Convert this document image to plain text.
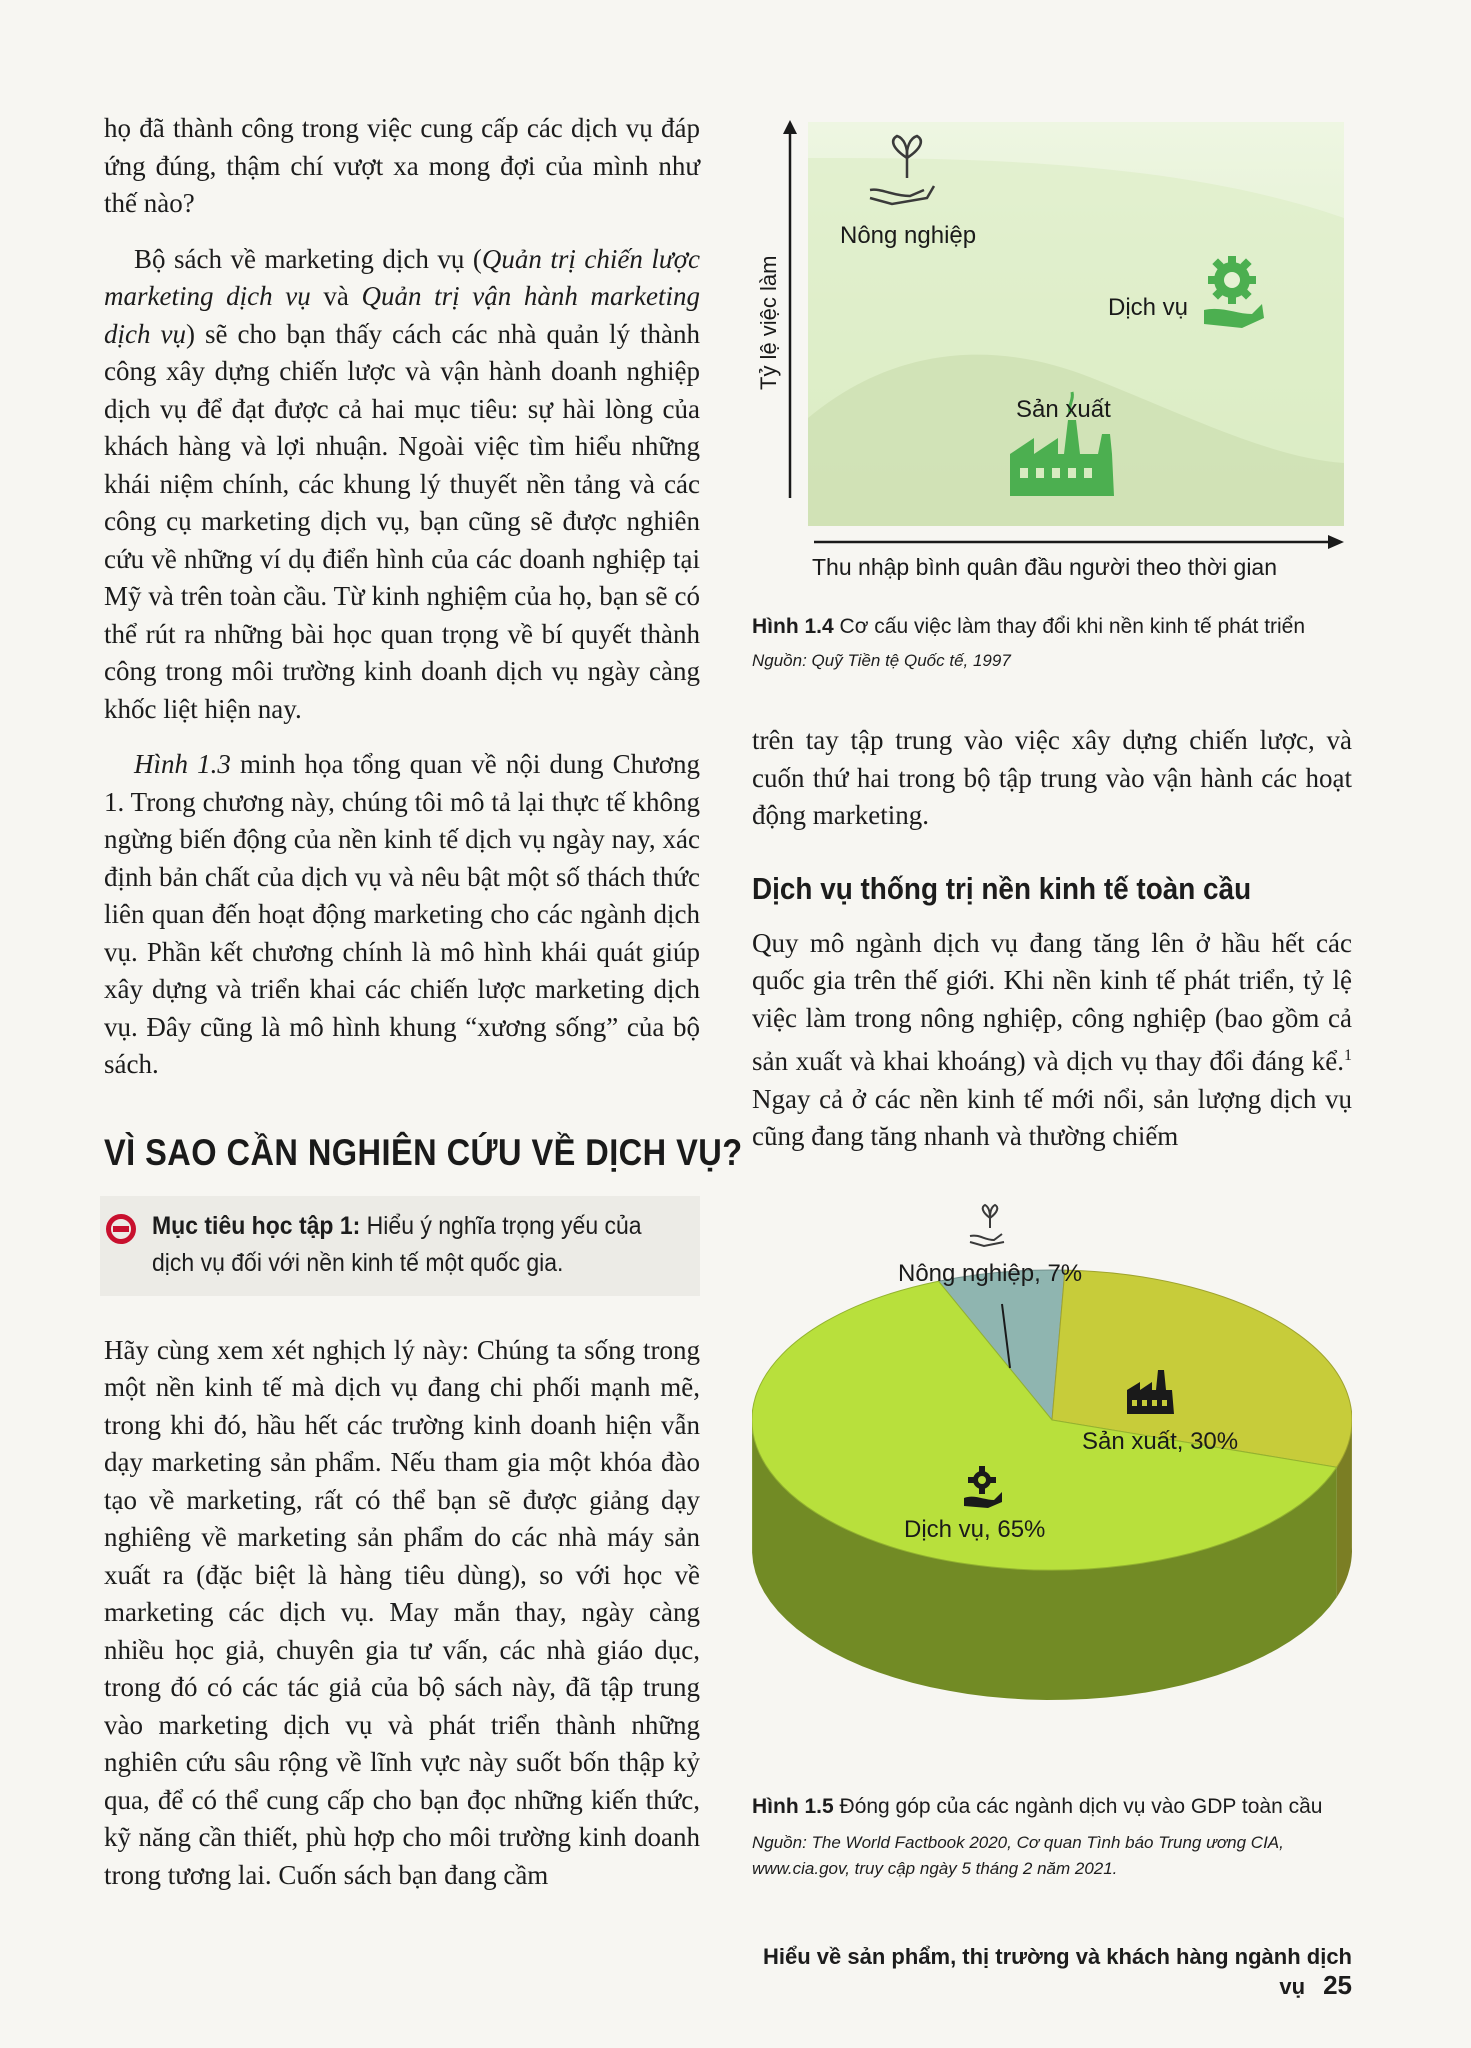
họ đã thành công trong việc cung cấp các dịch vụ đáp ứng đúng, thậm chí vượt xa mong đợi của mình như thế nào?

Bộ sách về marketing dịch vụ (Quản trị chiến lược marketing dịch vụ và Quản trị vận hành marketing dịch vụ) sẽ cho bạn thấy cách các nhà quản lý thành công xây dựng chiến lược và vận hành doanh nghiệp dịch vụ để đạt được cả hai mục tiêu: sự hài lòng của khách hàng và lợi nhuận. Ngoài việc tìm hiểu những khái niệm chính, các khung lý thuyết nền tảng và các công cụ marketing dịch vụ, bạn cũng sẽ được nghiên cứu về những ví dụ điển hình của các doanh nghiệp tại Mỹ và trên toàn cầu. Từ kinh nghiệm của họ, bạn sẽ có thể rút ra những bài học quan trọng về bí quyết thành công trong môi trường kinh doanh dịch vụ ngày càng khốc liệt hiện nay.

Hình 1.3 minh họa tổng quan về nội dung Chương 1. Trong chương này, chúng tôi mô tả lại thực tế không ngừng biến động của nền kinh tế dịch vụ ngày nay, xác định bản chất của dịch vụ và nêu bật một số thách thức liên quan đến hoạt động marketing cho các ngành dịch vụ. Phần kết chương chính là mô hình khái quát giúp xây dựng và triển khai các chiến lược marketing dịch vụ. Đây cũng là mô hình khung “xương sống” của bộ sách.

VÌ SAO CẦN NGHIÊN CỨU VỀ DỊCH VỤ?
Mục tiêu học tập 1: Hiểu ý nghĩa trọng yếu của dịch vụ đối với nền kinh tế một quốc gia.

Hãy cùng xem xét nghịch lý này: Chúng ta sống trong một nền kinh tế mà dịch vụ đang chi phối mạnh mẽ, trong khi đó, hầu hết các trường kinh doanh hiện vẫn dạy marketing sản phẩm. Nếu tham gia một khóa đào tạo về marketing, rất có thể bạn sẽ được giảng dạy nghiêng về marketing sản phẩm do các nhà máy sản xuất ra (đặc biệt là hàng tiêu dùng), so với học về marketing các dịch vụ. May mắn thay, ngày càng nhiều học giả, chuyên gia tư vấn, các nhà giáo dục, trong đó có các tác giả của bộ sách này, đã tập trung vào marketing dịch vụ và phát triển thành những nghiên cứu sâu rộng về lĩnh vực này suốt bốn thập kỷ qua, để có thể cung cấp cho bạn đọc những kiến thức, kỹ năng cần thiết, phù hợp cho môi trường kinh doanh trong tương lai. Cuốn sách bạn đang cầm

Tỷ lệ việc làm
Nông nghiệp
Dịch vụ
Sản xuất
Thu nhập bình quân đầu người theo thời gian
Hình 1.4 Cơ cấu việc làm thay đổi khi nền kinh tế phát triển
Nguồn: Quỹ Tiền tệ Quốc tế, 1997

trên tay tập trung vào việc xây dựng chiến lược, và cuốn thứ hai trong bộ tập trung vào vận hành các hoạt động marketing.

Dịch vụ thống trị nền kinh tế toàn cầu

Quy mô ngành dịch vụ đang tăng lên ở hầu hết các quốc gia trên thế giới. Khi nền kinh tế phát triển, tỷ lệ việc làm trong nông nghiệp, công nghiệp (bao gồm cả sản xuất và khai khoáng) và dịch vụ thay đổi đáng kể.$^1$ Ngay cả ở các nền kinh tế mới nổi, sản lượng dịch vụ cũng đang tăng nhanh và thường chiếm

Nông nghiệp, 7%
Sản xuất, 30%
Dịch vụ, 65%
Hình 1.5 Đóng góp của các ngành dịch vụ vào GDP toàn cầu
Nguồn: The World Factbook 2020, Cơ quan Tình báo Trung ương CIA,
www.cia.gov, truy cập ngày 5 tháng 2 năm 2021.
Hiểu về sản phẩm, thị trường và khách hàng ngành dịch vụ 25
